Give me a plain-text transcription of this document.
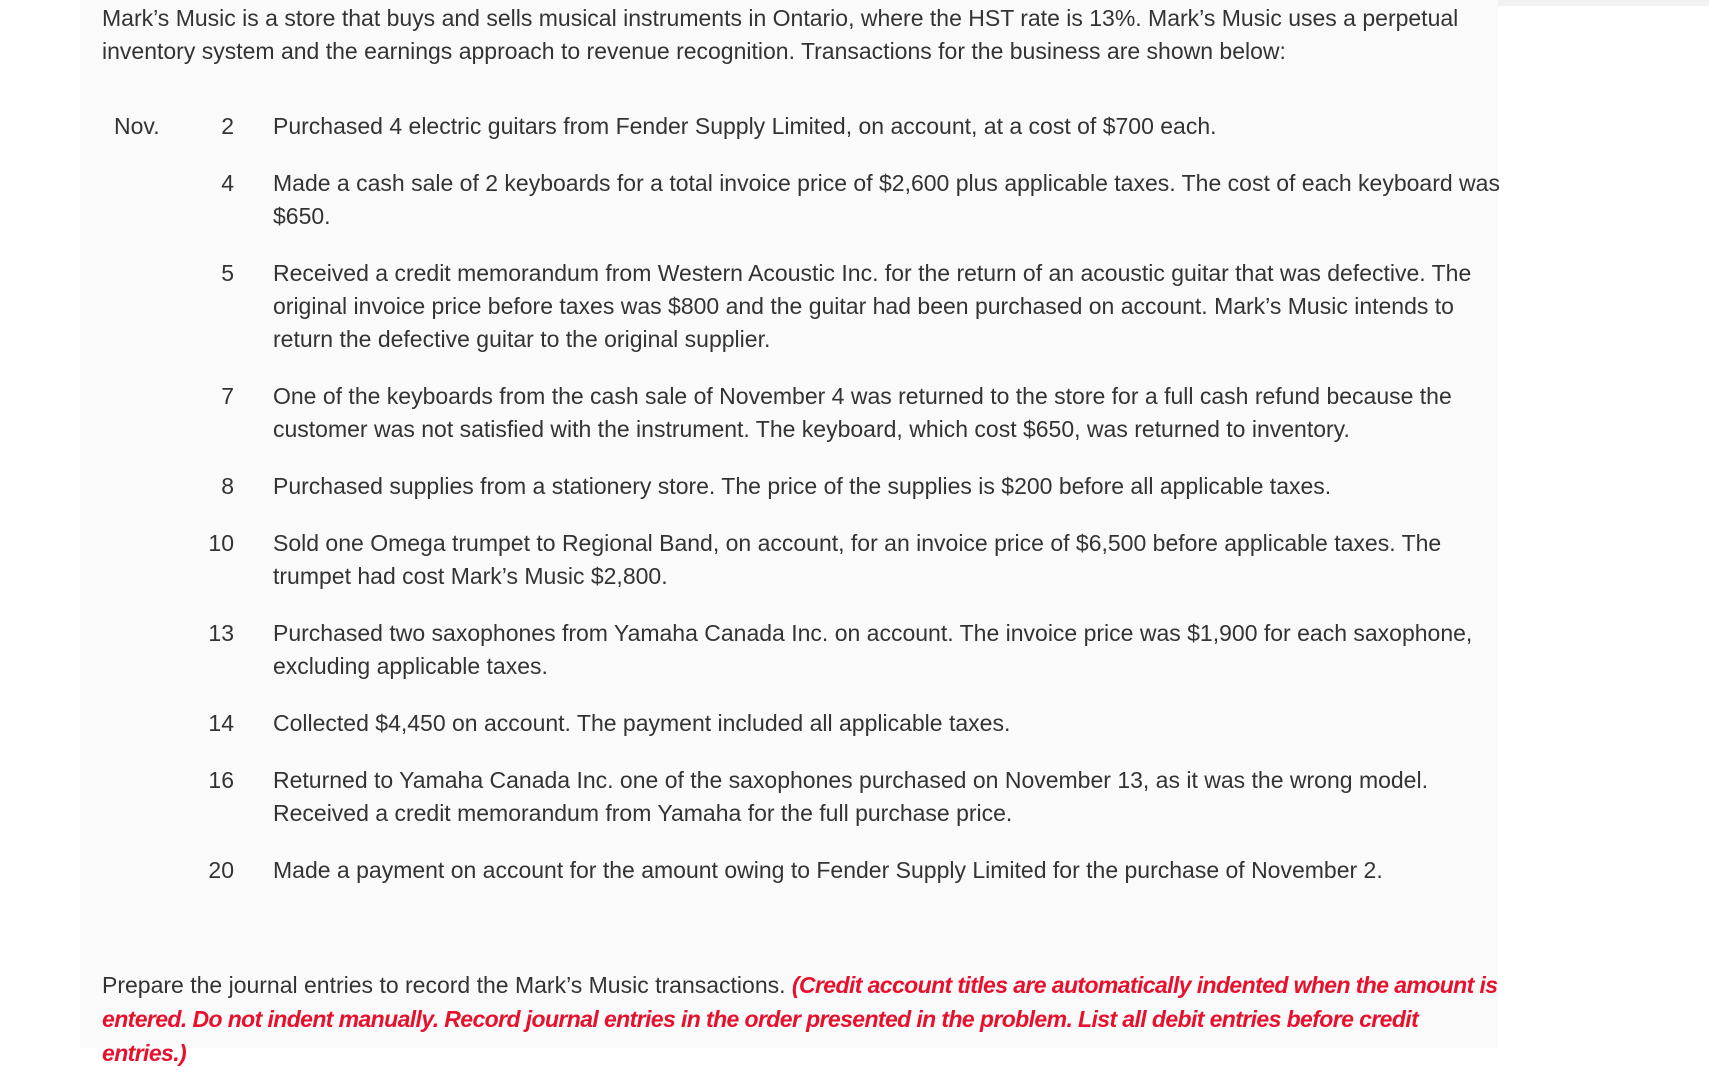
Mark’s Music is a store that buys and sells musical instruments in Ontario, where the HST rate is 13%. Mark’s Music uses a perpetual inventory system and the earnings approach to revenue recognition. Transactions for the business are shown below:

Nov.	2		Purchased 4 electric guitars from Fender Supply Limited, on account, at a cost of $700 each.
	4		Made a cash sale of 2 keyboards for a total invoice price of $2,600 plus applicable taxes. The cost of each keyboard was $650.
	5		Received a credit memorandum from Western Acoustic Inc. for the return of an acoustic guitar that was defective. The original invoice price before taxes was $800 and the guitar had been purchased on account. Mark’s Music intends to return the defective guitar to the original supplier.
	7		One of the keyboards from the cash sale of November 4 was returned to the store for a full cash refund because the customer was not satisfied with the instrument. The keyboard, which cost $650, was returned to inventory.
	8		Purchased supplies from a stationery store. The price of the supplies is $200 before all applicable taxes.
	10		Sold one Omega trumpet to Regional Band, on account, for an invoice price of $6,500 before applicable taxes. The trumpet had cost Mark’s Music $2,800.
	13		Purchased two saxophones from Yamaha Canada Inc. on account. The invoice price was $1,900 for each saxophone, excluding applicable taxes.
	14		Collected $4,450 on account. The payment included all applicable taxes.
	16		Returned to Yamaha Canada Inc. one of the saxophones purchased on November 13, as it was the wrong model. Received a credit memorandum from Yamaha for the full purchase price.
	20		Made a payment on account for the amount owing to Fender Supply Limited for the purchase of November 2.

Prepare the journal entries to record the Mark’s Music transactions. (Credit account titles are automatically indented when the amount is entered. Do not indent manually. Record journal entries in the order presented in the problem. List all debit entries before credit entries.)
